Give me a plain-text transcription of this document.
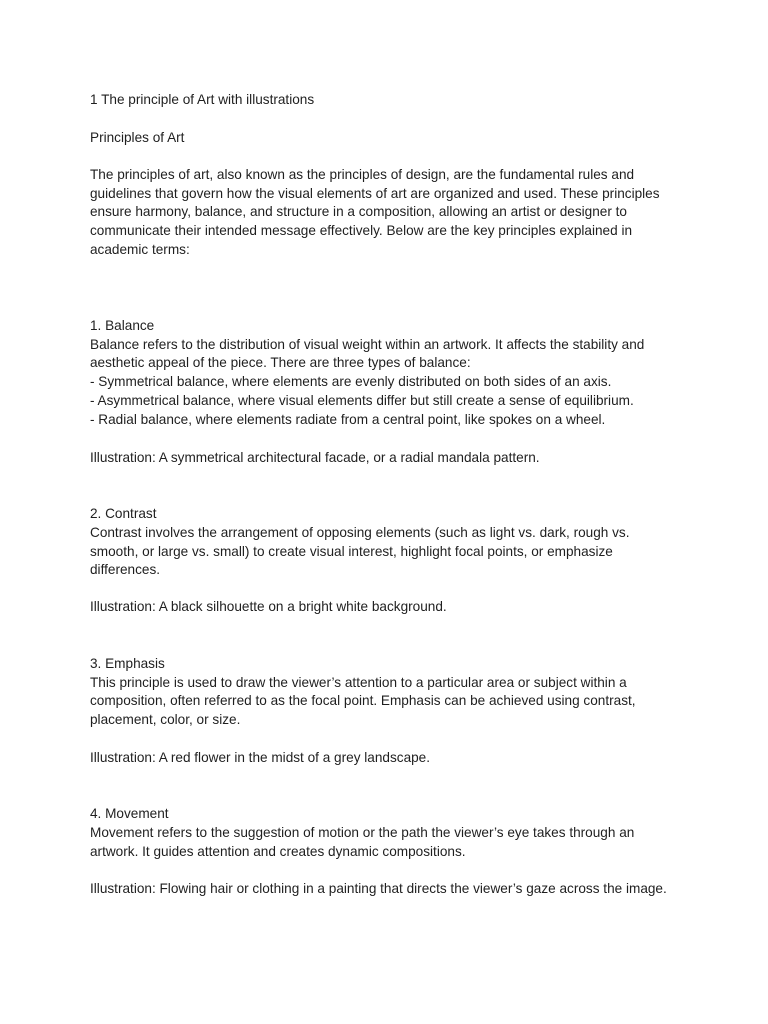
1 The principle of Art with illustrations
Principles of Art
The principles of art, also known as the principles of design, are the fundamental rules and
guidelines that govern how the visual elements of art are organized and used. These principles
ensure harmony, balance, and structure in a composition, allowing an artist or designer to
communicate their intended message effectively. Below are the key principles explained in
academic terms:
1. Balance
Balance refers to the distribution of visual weight within an artwork. It affects the stability and
aesthetic appeal of the piece. There are three types of balance:
- Symmetrical balance, where elements are evenly distributed on both sides of an axis.
- Asymmetrical balance, where visual elements differ but still create a sense of equilibrium.
- Radial balance, where elements radiate from a central point, like spokes on a wheel.
Illustration: A symmetrical architectural facade, or a radial mandala pattern.
2. Contrast
Contrast involves the arrangement of opposing elements (such as light vs. dark, rough vs.
smooth, or large vs. small) to create visual interest, highlight focal points, or emphasize
differences.
Illustration: A black silhouette on a bright white background.
3. Emphasis
This principle is used to draw the viewer’s attention to a particular area or subject within a
composition, often referred to as the focal point. Emphasis can be achieved using contrast,
placement, color, or size.
Illustration: A red flower in the midst of a grey landscape.
4. Movement
Movement refers to the suggestion of motion or the path the viewer’s eye takes through an
artwork. It guides attention and creates dynamic compositions.
Illustration: Flowing hair or clothing in a painting that directs the viewer’s gaze across the image.
